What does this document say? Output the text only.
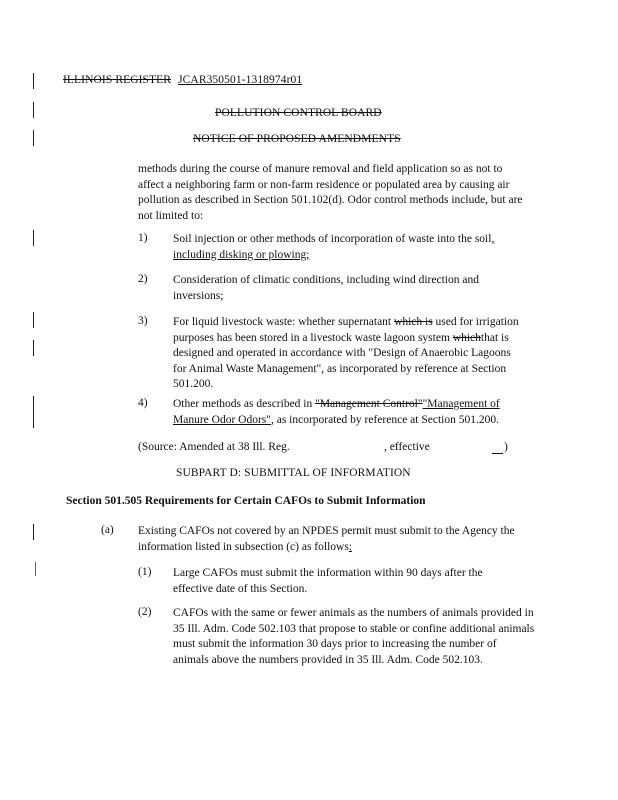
ILLINOIS REGISTER JCAR350501-1318974r01
POLLUTION CONTROL BOARD
NOTICE OF PROPOSED AMENDMENTS
methods during the course of manure removal and field application so as not to affect a neighboring farm or non-farm residence or populated area by causing air pollution as described in Section 501.102(d). Odor control methods include, but are not limited to:
1) Soil injection or other methods of incorporation of waste into the soil, including disking or plowing;
2) Consideration of climatic conditions, including wind direction and inversions;
3) For liquid livestock waste: whether supernatant which is used for irrigation purposes has been stored in a livestock waste lagoon system whichthat is designed and operated in accordance with "Design of Anaerobic Lagoons for Animal Waste Management", as incorporated by reference at Section 501.200.
4) Other methods as described in "Management Control""Management of Manure Odor Odors", as incorporated by reference at Section 501.200.
(Source: Amended at 38 Ill. Reg.	, effective	)
SUBPART D: SUBMITTAL OF INFORMATION
Section 501.505 Requirements for Certain CAFOs to Submit Information
(a) Existing CAFOs not covered by an NPDES permit must submit to the Agency the information listed in subsection (c) as follows:
(1) Large CAFOs must submit the information within 90 days after the effective date of this Section.
(2) CAFOs with the same or fewer animals as the numbers of animals provided in 35 Ill. Adm. Code 502.103 that propose to stable or confine additional animals must submit the information 30 days prior to increasing the number of animals above the numbers provided in 35 Ill. Adm. Code 502.103.
